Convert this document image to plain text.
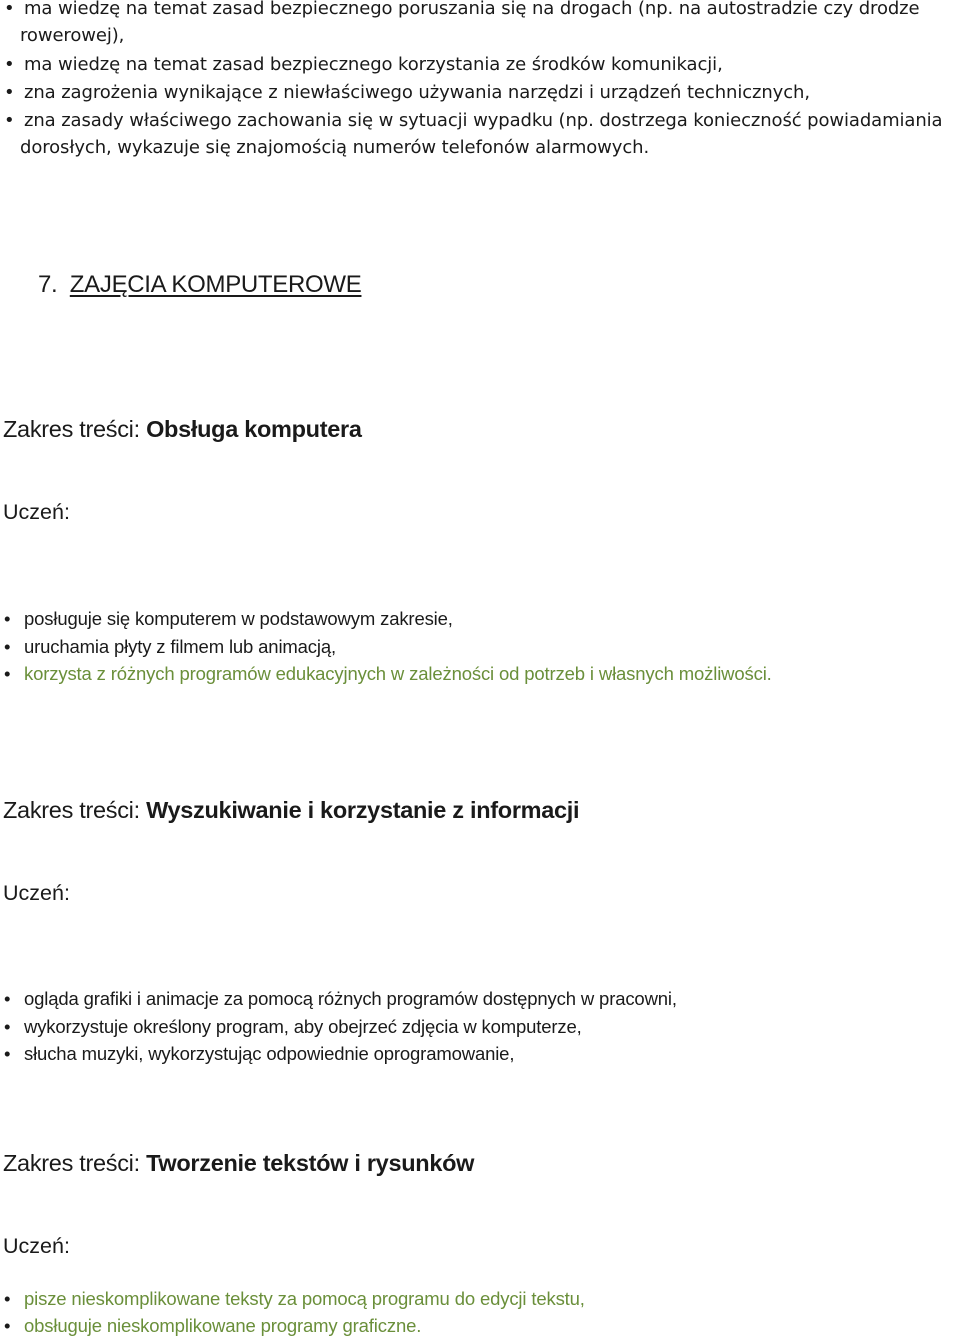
• ma wiedzę na temat zasad bezpiecznego poruszania się na drogach (np. na autostradzie czy drodze
rowerowej),
• ma wiedzę na temat zasad bezpiecznego korzystania ze środków komunikacji,
• zna zagrożenia wynikające z niewłaściwego używania narzędzi i urządzeń technicznych,
• zna zasady właściwego zachowania się w sytuacji wypadku (np. dostrzega konieczność powiadamiania
dorosłych, wykazuje się znajomością numerów telefonów alarmowych.
7. ZAJĘCIA KOMPUTEROWE
Zakres treści: Obsługa komputera
Uczeń:
• posługuje się komputerem w podstawowym zakresie,
• uruchamia płyty z filmem lub animacją,
• korzysta z różnych programów edukacyjnych w zależności od potrzeb i własnych możliwości.
Zakres treści: Wyszukiwanie i korzystanie z informacji
Uczeń:
• ogląda grafiki i animacje za pomocą różnych programów dostępnych w pracowni,
• wykorzystuje określony program, aby obejrzeć zdjęcia w komputerze,
• słucha muzyki, wykorzystując odpowiednie oprogramowanie,
Zakres treści: Tworzenie tekstów i rysunków
Uczeń:
• pisze nieskomplikowane teksty za pomocą programu do edycji tekstu,
• obsługuje nieskomplikowane programy graficzne.
